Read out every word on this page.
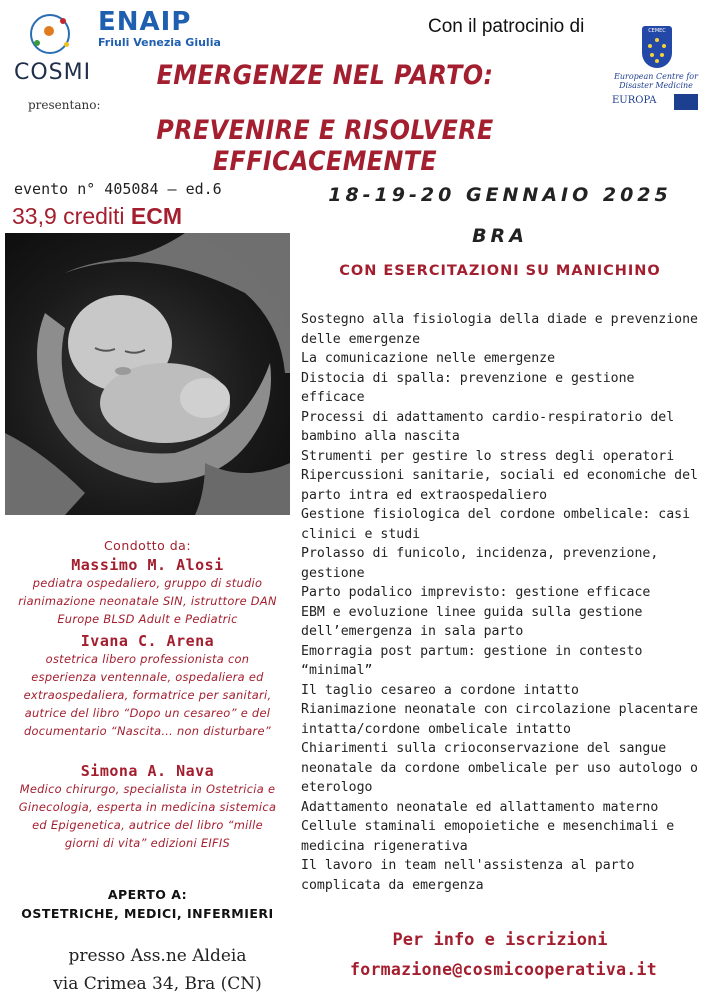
COSMI
presentano:
ENAIP
Friuli Venezia Giulia
Con il patrocinio di	CEMEC
European Centre for Disaster Medicine
EUROPA
EMERGENZE NEL PARTO:
PREVENIRE E RISOLVERE EFFICACEMENTE
evento n° 405084 – ed.6
33,9 crediti ECM
18-19-20 GENNAIO 2025
BRA
CON ESERCITAZIONI SU MANICHINO

Sostegno alla fisiologia della diade e prevenzione delle emergenze

La comunicazione nelle emergenze

Distocia di spalla: prevenzione e gestione efficace

Processi di adattamento cardio-respiratorio del bambino alla nascita

Strumenti per gestire lo stress degli operatori

Ripercussioni sanitarie, sociali ed economiche del parto intra ed extraospedaliero

Gestione fisiologica del cordone ombelicale: casi clinici e studi

Prolasso di funicolo, incidenza, prevenzione, gestione

Parto podalico imprevisto: gestione efficace

EBM e evoluzione linee guida sulla gestione dell’emergenza in sala parto

Emorragia post partum: gestione in contesto “minimal”

Il taglio cesareo a cordone intatto

Rianimazione neonatale con circolazione placentare intatta/cordone ombelicale intatto

Chiarimenti sulla crioconservazione del sangue neonatale da cordone ombelicale per uso autologo o eterologo

Adattamento neonatale ed allattamento materno

Cellule staminali emopoietiche e mesenchimali e medicina rigenerativa

Il lavoro in team nell'assistenza al parto complicata da emergenza

Condotto da:
Massimo M. Alosi
pediatra ospedaliero, gruppo di studio rianimazione neonatale SIN, istruttore DAN Europe BLSD Adult e Pediatric
Ivana C. Arena
ostetrica libero professionista con esperienza ventennale, ospedaliera ed extraospedaliera, formatrice per sanitari, autrice del libro “Dopo un cesareo” e del documentario “Nascita… non disturbare”
Simona A. Nava
Medico chirurgo, specialista in Ostetricia e Ginecologia, esperta in medicina sistemica ed Epigenetica, autrice del libro “mille giorni di vita” edizioni EIFIS
APERTO A:
OSTETRICHE, MEDICI, INFERMIERI
presso Ass.ne Aldeia
via Crimea 34, Bra (CN)
Per info e iscrizioni
formazione@cosmicooperativa.it
